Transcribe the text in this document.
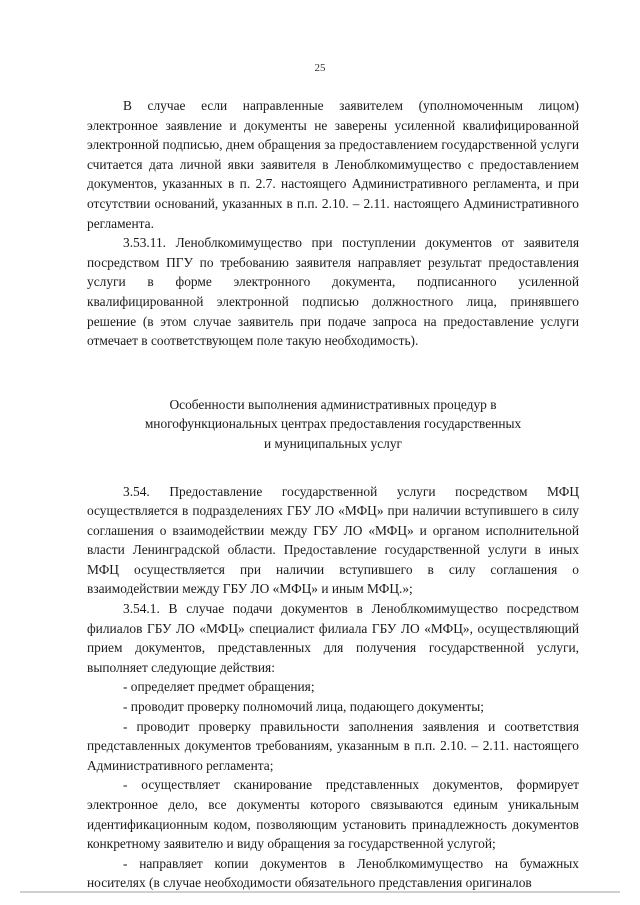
25

В случае если направленные заявителем (уполномоченным лицом) электронное заявление и документы не заверены усиленной квалифицированной электронной подписью, днем обращения за предоставлением государственной услуги считается дата личной явки заявителя в Леноблкомимущество с предоставлением документов, указанных в п. 2.7. настоящего Административного регламента, и при отсутствии оснований, указанных в п.п. 2.10. – 2.11. настоящего Административного регламента.

3.53.11. Леноблкомимущество при поступлении документов от заявителя посредством ПГУ по требованию заявителя направляет результат предоставления услуги в форме электронного документа, подписанного усиленной квалифицированной электронной подписью должностного лица, принявшего решение (в этом случае заявитель при подаче запроса на предоставление услуги отмечает в соответствующем поле такую необходимость).

Особенности выполнения административных процедур в
многофункциональных центрах предоставления государственных
и муниципальных услуг

3.54. Предоставление государственной услуги посредством МФЦ осуществляется в подразделениях ГБУ ЛО «МФЦ» при наличии вступившего в силу соглашения о взаимодействии между ГБУ ЛО «МФЦ» и органом исполнительной власти Ленинградской области. Предоставление государственной услуги в иных МФЦ осуществляется при наличии вступившего в силу соглашения о взаимодействии между ГБУ ЛО «МФЦ» и иным МФЦ.»;

3.54.1. В случае подачи документов в Леноблкомимущество посредством филиалов ГБУ ЛО «МФЦ» специалист филиала ГБУ ЛО «МФЦ», осуществляющий прием документов, представленных для получения государственной услуги, выполняет следующие действия:

- определяет предмет обращения;

- проводит проверку полномочий лица, подающего документы;

- проводит проверку правильности заполнения заявления и соответствия представленных документов требованиям, указанным в п.п. 2.10. – 2.11. настоящего Административного регламента;

- осуществляет сканирование представленных документов, формирует электронное дело, все документы которого связываются единым уникальным идентификационным кодом, позволяющим установить принадлежность документов конкретному заявителю и виду обращения за государственной услугой;

- направляет копии документов в Леноблкомимущество на бумажных носителях (в случае необходимости обязательного представления оригиналов
